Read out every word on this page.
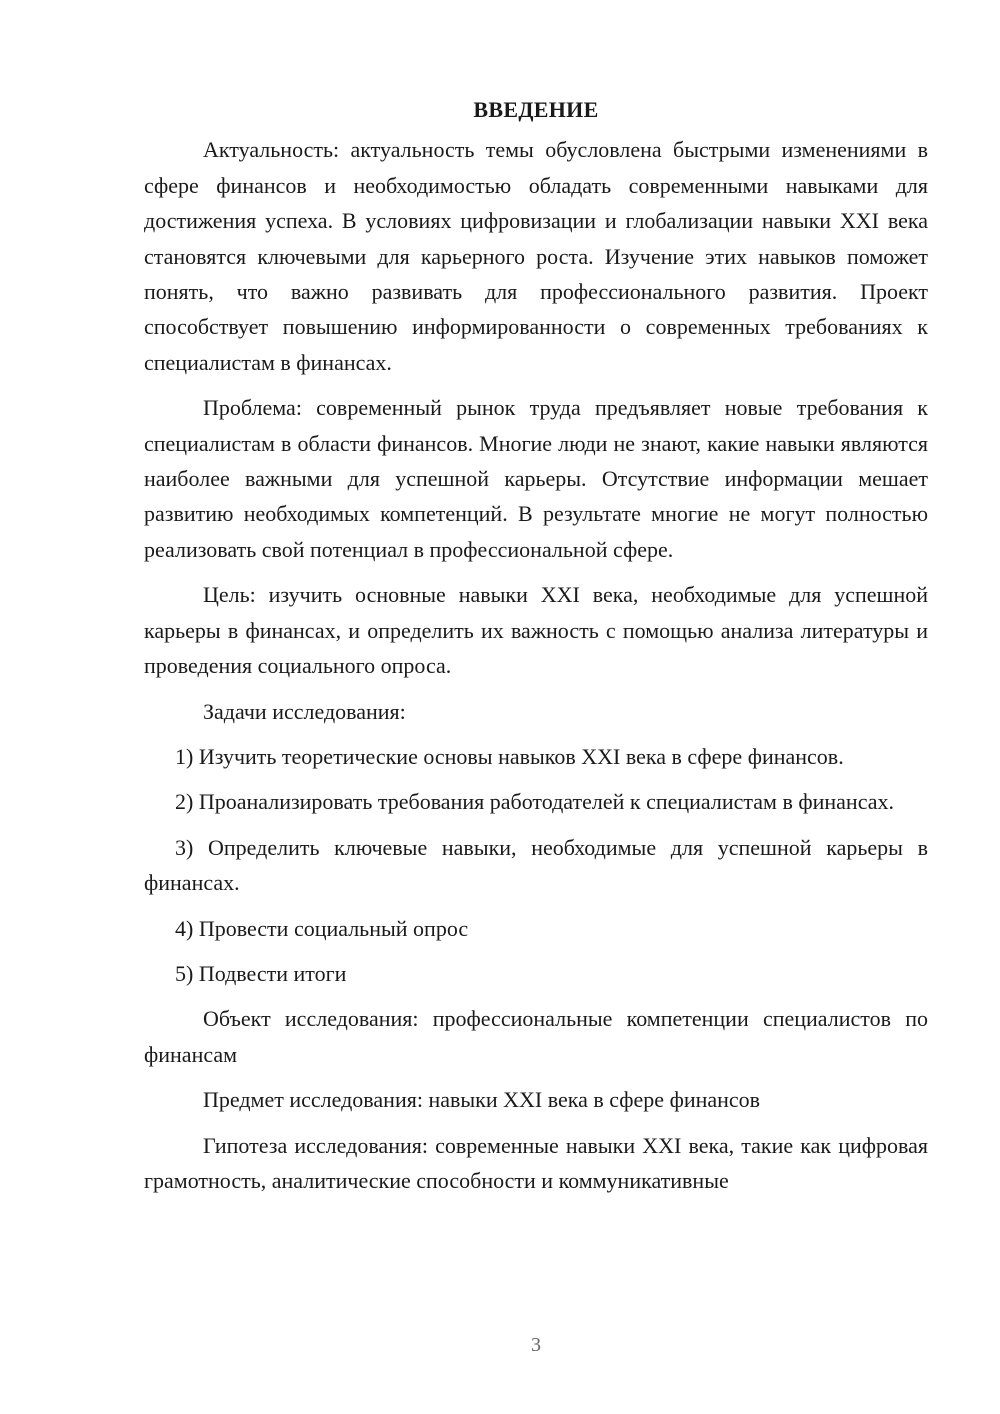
ВВЕДЕНИЕ

Актуальность: актуальность темы обусловлена быстрыми изменениями в сфере финансов и необходимостью обладать современными навыками для достижения успеха. В условиях цифровизации и глобализации навыки XXI века становятся ключевыми для карьерного роста. Изучение этих навыков поможет понять, что важно развивать для профессионального развития. Проект способствует повышению информированности о современных требованиях к специалистам в финансах.

Проблема: современный рынок труда предъявляет новые требования к специалистам в области финансов. Многие люди не знают, какие навыки являются наиболее важными для успешной карьеры. Отсутствие информации мешает развитию необходимых компетенций. В результате многие не могут полностью реализовать свой потенциал в профессиональной сфере.

Цель: изучить основные навыки XXI века, необходимые для успешной карьеры в финансах, и определить их важность с помощью анализа литературы и проведения социального опроса.

Задачи исследования:

1) Изучить теоретические основы навыков XXI века в сфере финансов.

2) Проанализировать требования работодателей к специалистам в финансах.

3) Определить ключевые навыки, необходимые для успешной карьеры в финансах.

4) Провести социальный опрос

5) Подвести итоги

Объект исследования: профессиональные компетенции специалистов по финансам

Предмет исследования: навыки XXI века в сфере финансов

Гипотеза исследования: современные навыки XXI века, такие как цифровая грамотность, аналитические способности и коммуникативные

3
